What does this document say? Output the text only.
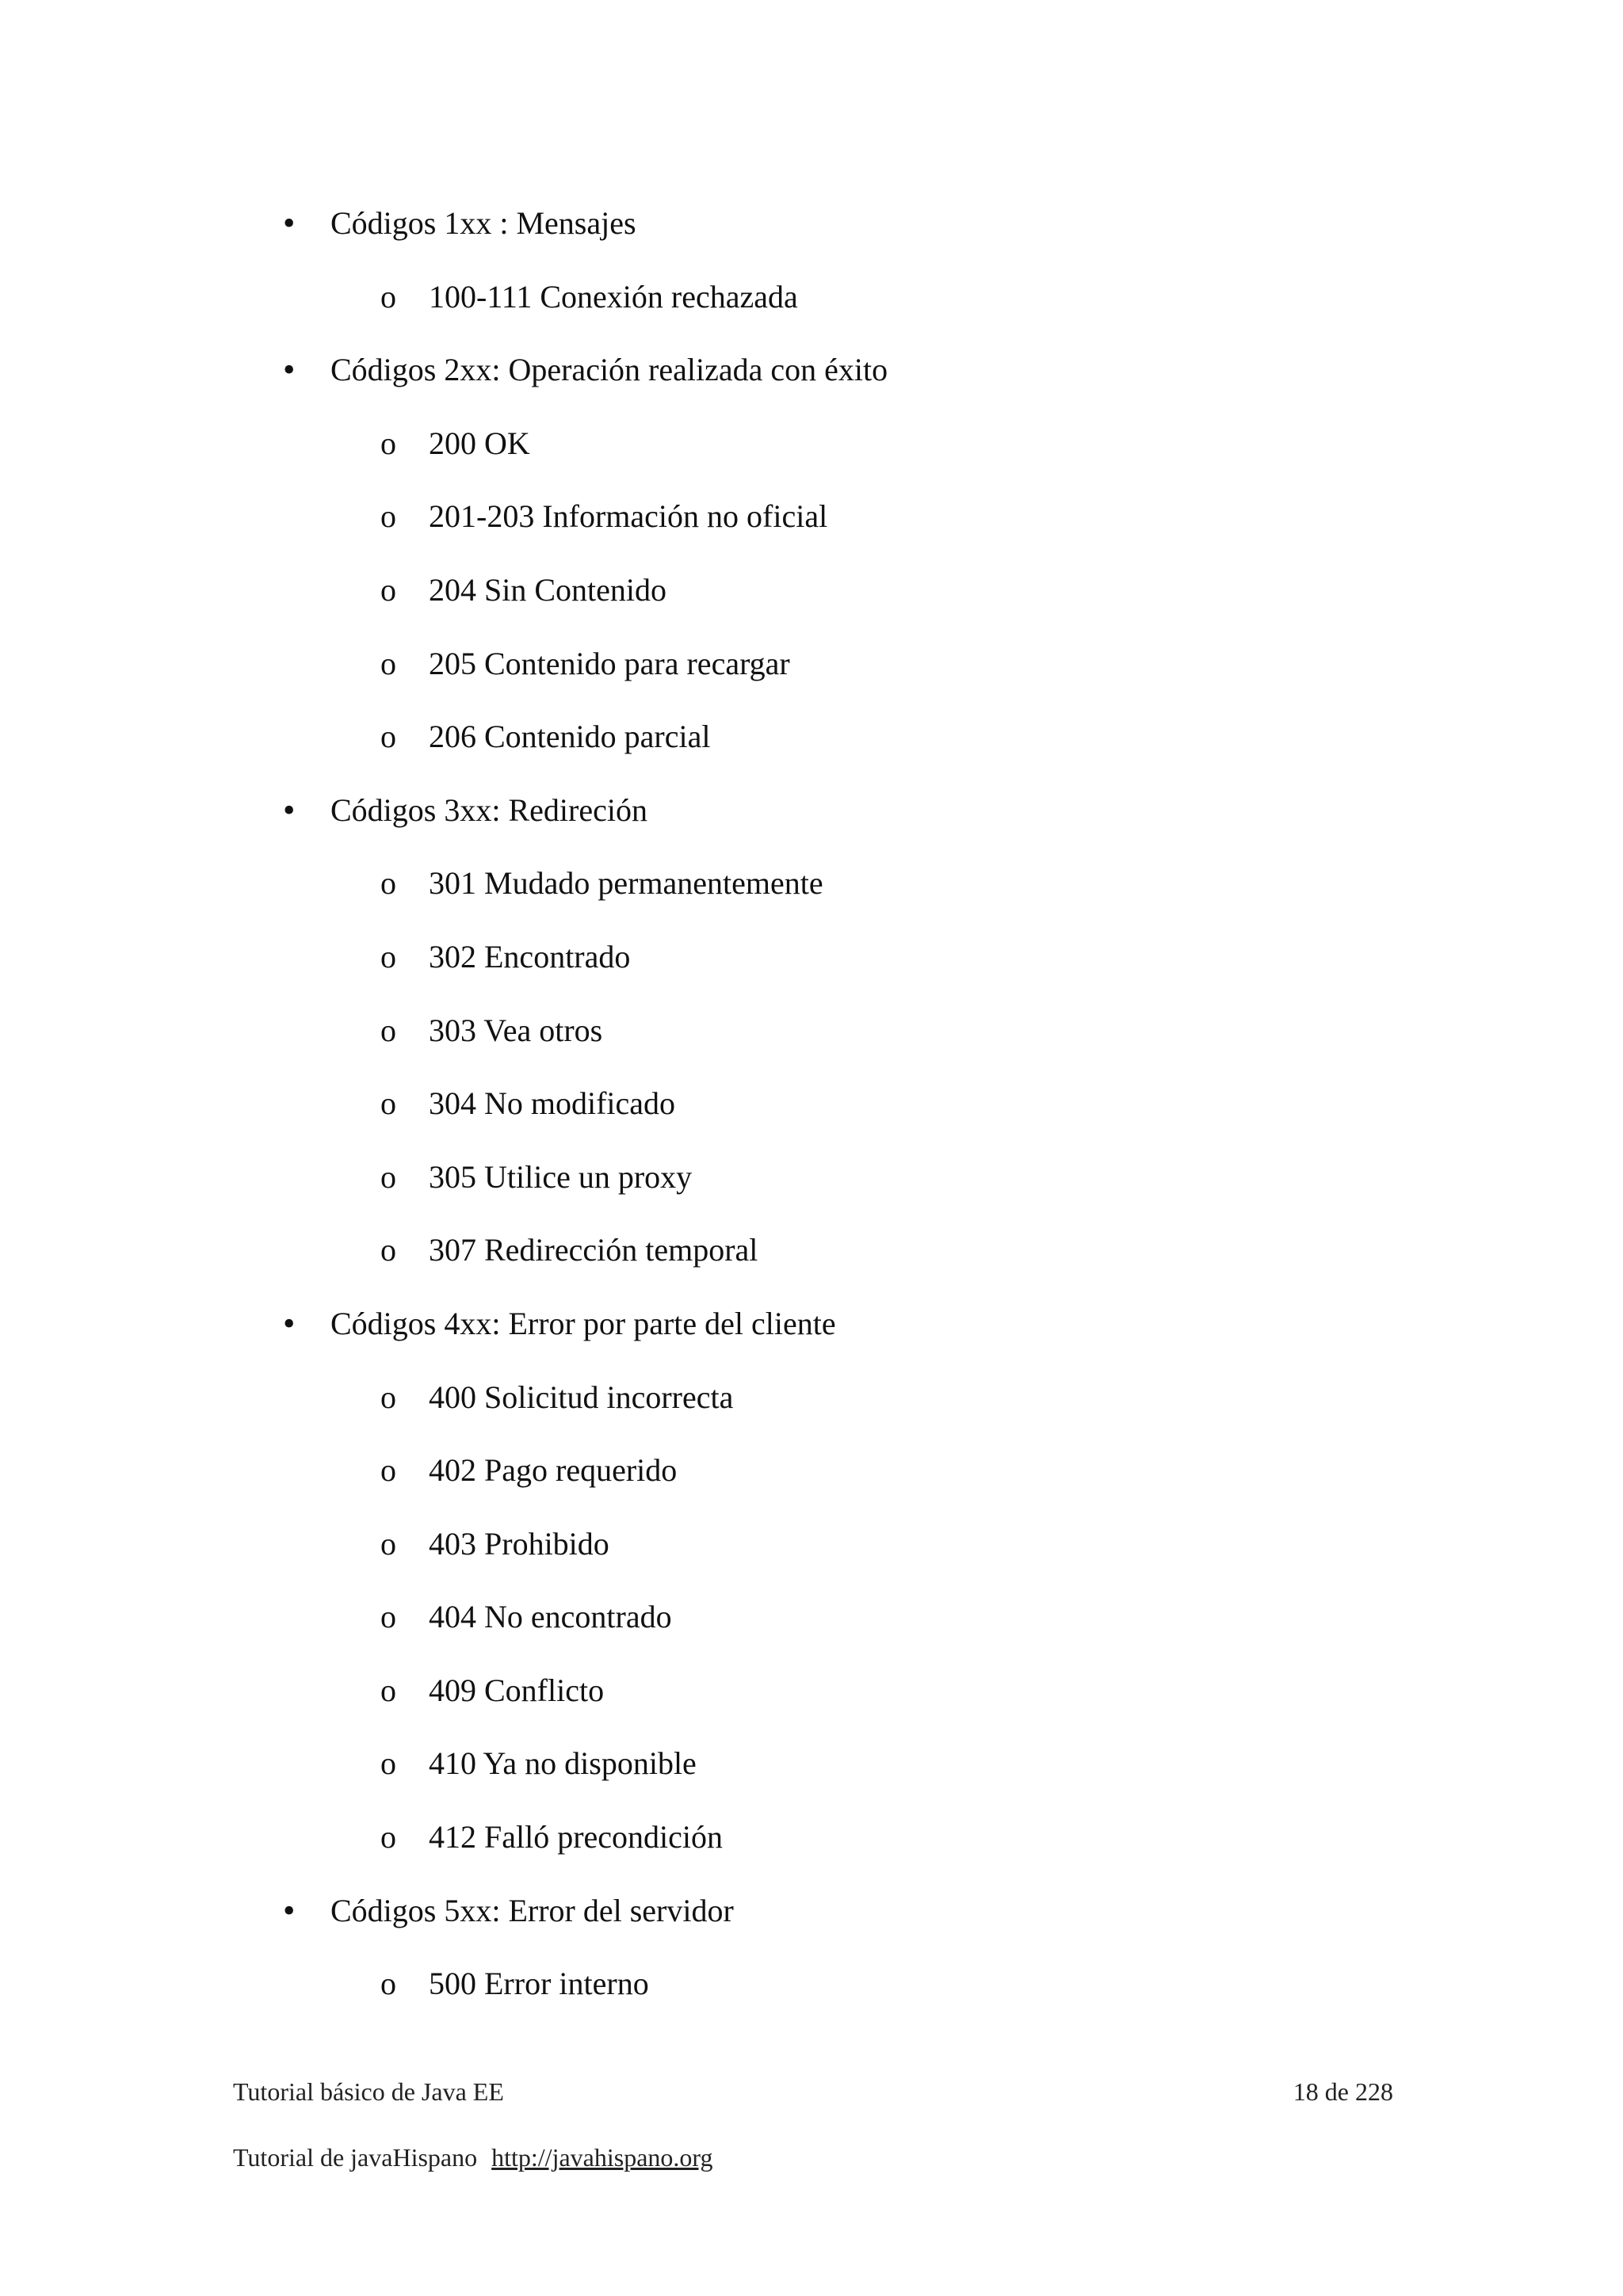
• Códigos 1xx : Mensajes
o 100-111 Conexión rechazada
• Códigos 2xx: Operación realizada con éxito
o 200 OK
o 201-203 Información no oficial
o 204 Sin Contenido
o 205 Contenido para recargar
o 206 Contenido parcial
• Códigos 3xx: Redireción
o 301 Mudado permanentemente
o 302 Encontrado
o 303 Vea otros
o 304 No modificado
o 305 Utilice un proxy
o 307 Redirección temporal
• Códigos 4xx: Error por parte del cliente
o 400 Solicitud incorrecta
o 402 Pago requerido
o 403 Prohibido
o 404 No encontrado
o 409 Conflicto
o 410 Ya no disponible
o 412 Falló precondición
• Códigos 5xx: Error del servidor
o 500 Error interno
Tutorial básico de Java EE	18 de 228
Tutorial de javaHispano http://javahispano.org
